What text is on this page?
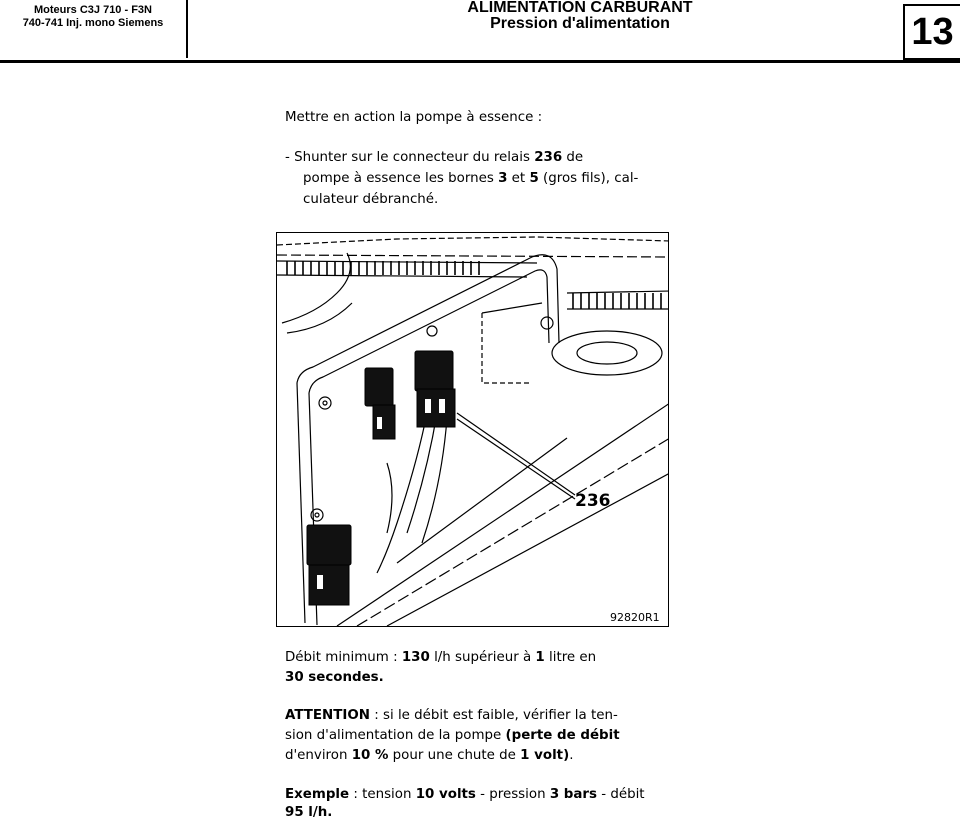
Moteurs C3J 710 - F3N
740-741 Inj. mono Siemens
ALIMENTATION CARBURANT
Pression d'alimentation	13
Mettre en action la pompe à essence :
- Shunter sur le connecteur du relais 236 de
pompe à essence les bornes 3 et 5 (gros fils), cal-
culateur débranché.
236
92820R1
Débit minimum : 130 l/h supérieur à 1 litre en
30 secondes.
ATTENTION : si le débit est faible, vérifier la ten-
sion d'alimentation de la pompe (perte de débit
d'environ 10 % pour une chute de 1 volt).
Exemple : tension 10 volts - pression 3 bars - débit
95 l/h.
